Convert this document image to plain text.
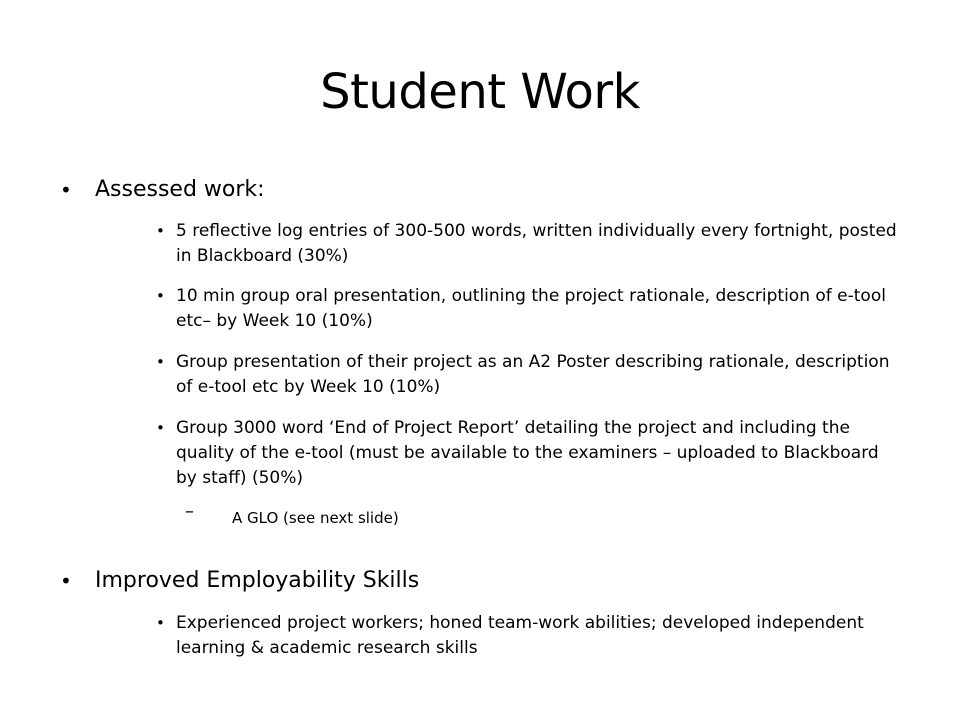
Student Work
• Assessed work:
• 5 reflective log entries of 300-500 words, written individually every fortnight, posted in Blackboard (30%)
• 10 min group oral presentation, outlining the project rationale, description of e-tool etc– by Week 10 (10%)
• Group presentation of their project as an A2 Poster describing rationale, description of e-tool etc by Week 10 (10%)
• Group 3000 word ‘End of Project Report’ detailing the project and including the quality of the e-tool (must be available to the examiners – uploaded to Blackboard by staff) (50%)
–	A GLO (see next slide)
• Improved Employability Skills
• Experienced project workers; honed team-work abilities; developed independent learning & academic research skills
